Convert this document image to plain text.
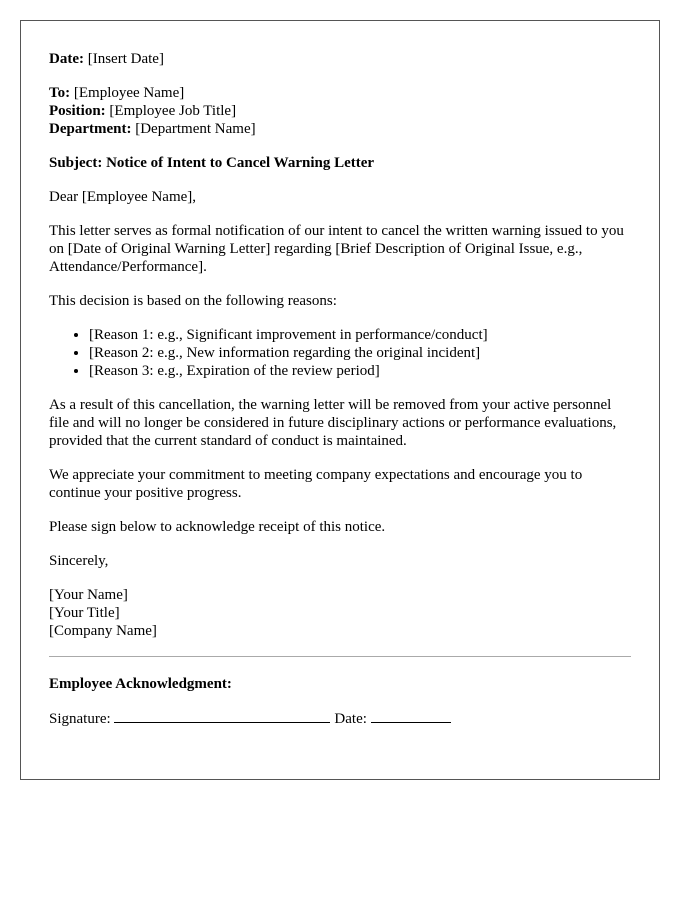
Date: [Insert Date]
To: [Employee Name]
Position: [Employee Job Title]
Department: [Department Name]
Subject: Notice of Intent to Cancel Warning Letter
Dear [Employee Name],
This letter serves as formal notification of our intent to cancel the written warning issued to you on [Date of Original Warning Letter] regarding [Brief Description of Original Issue, e.g., Attendance/Performance].
This decision is based on the following reasons:
• [Reason 1: e.g., Significant improvement in performance/conduct]
• [Reason 2: e.g., New information regarding the original incident]
• [Reason 3: e.g., Expiration of the review period]
As a result of this cancellation, the warning letter will be removed from your active personnel file and will no longer be considered in future disciplinary actions or performance evaluations, provided that the current standard of conduct is maintained.
We appreciate your commitment to meeting company expectations and encourage you to continue your positive progress.
Please sign below to acknowledge receipt of this notice.
Sincerely,
[Your Name]
[Your Title]
[Company Name]
Employee Acknowledgment:
Signature:	Date:
